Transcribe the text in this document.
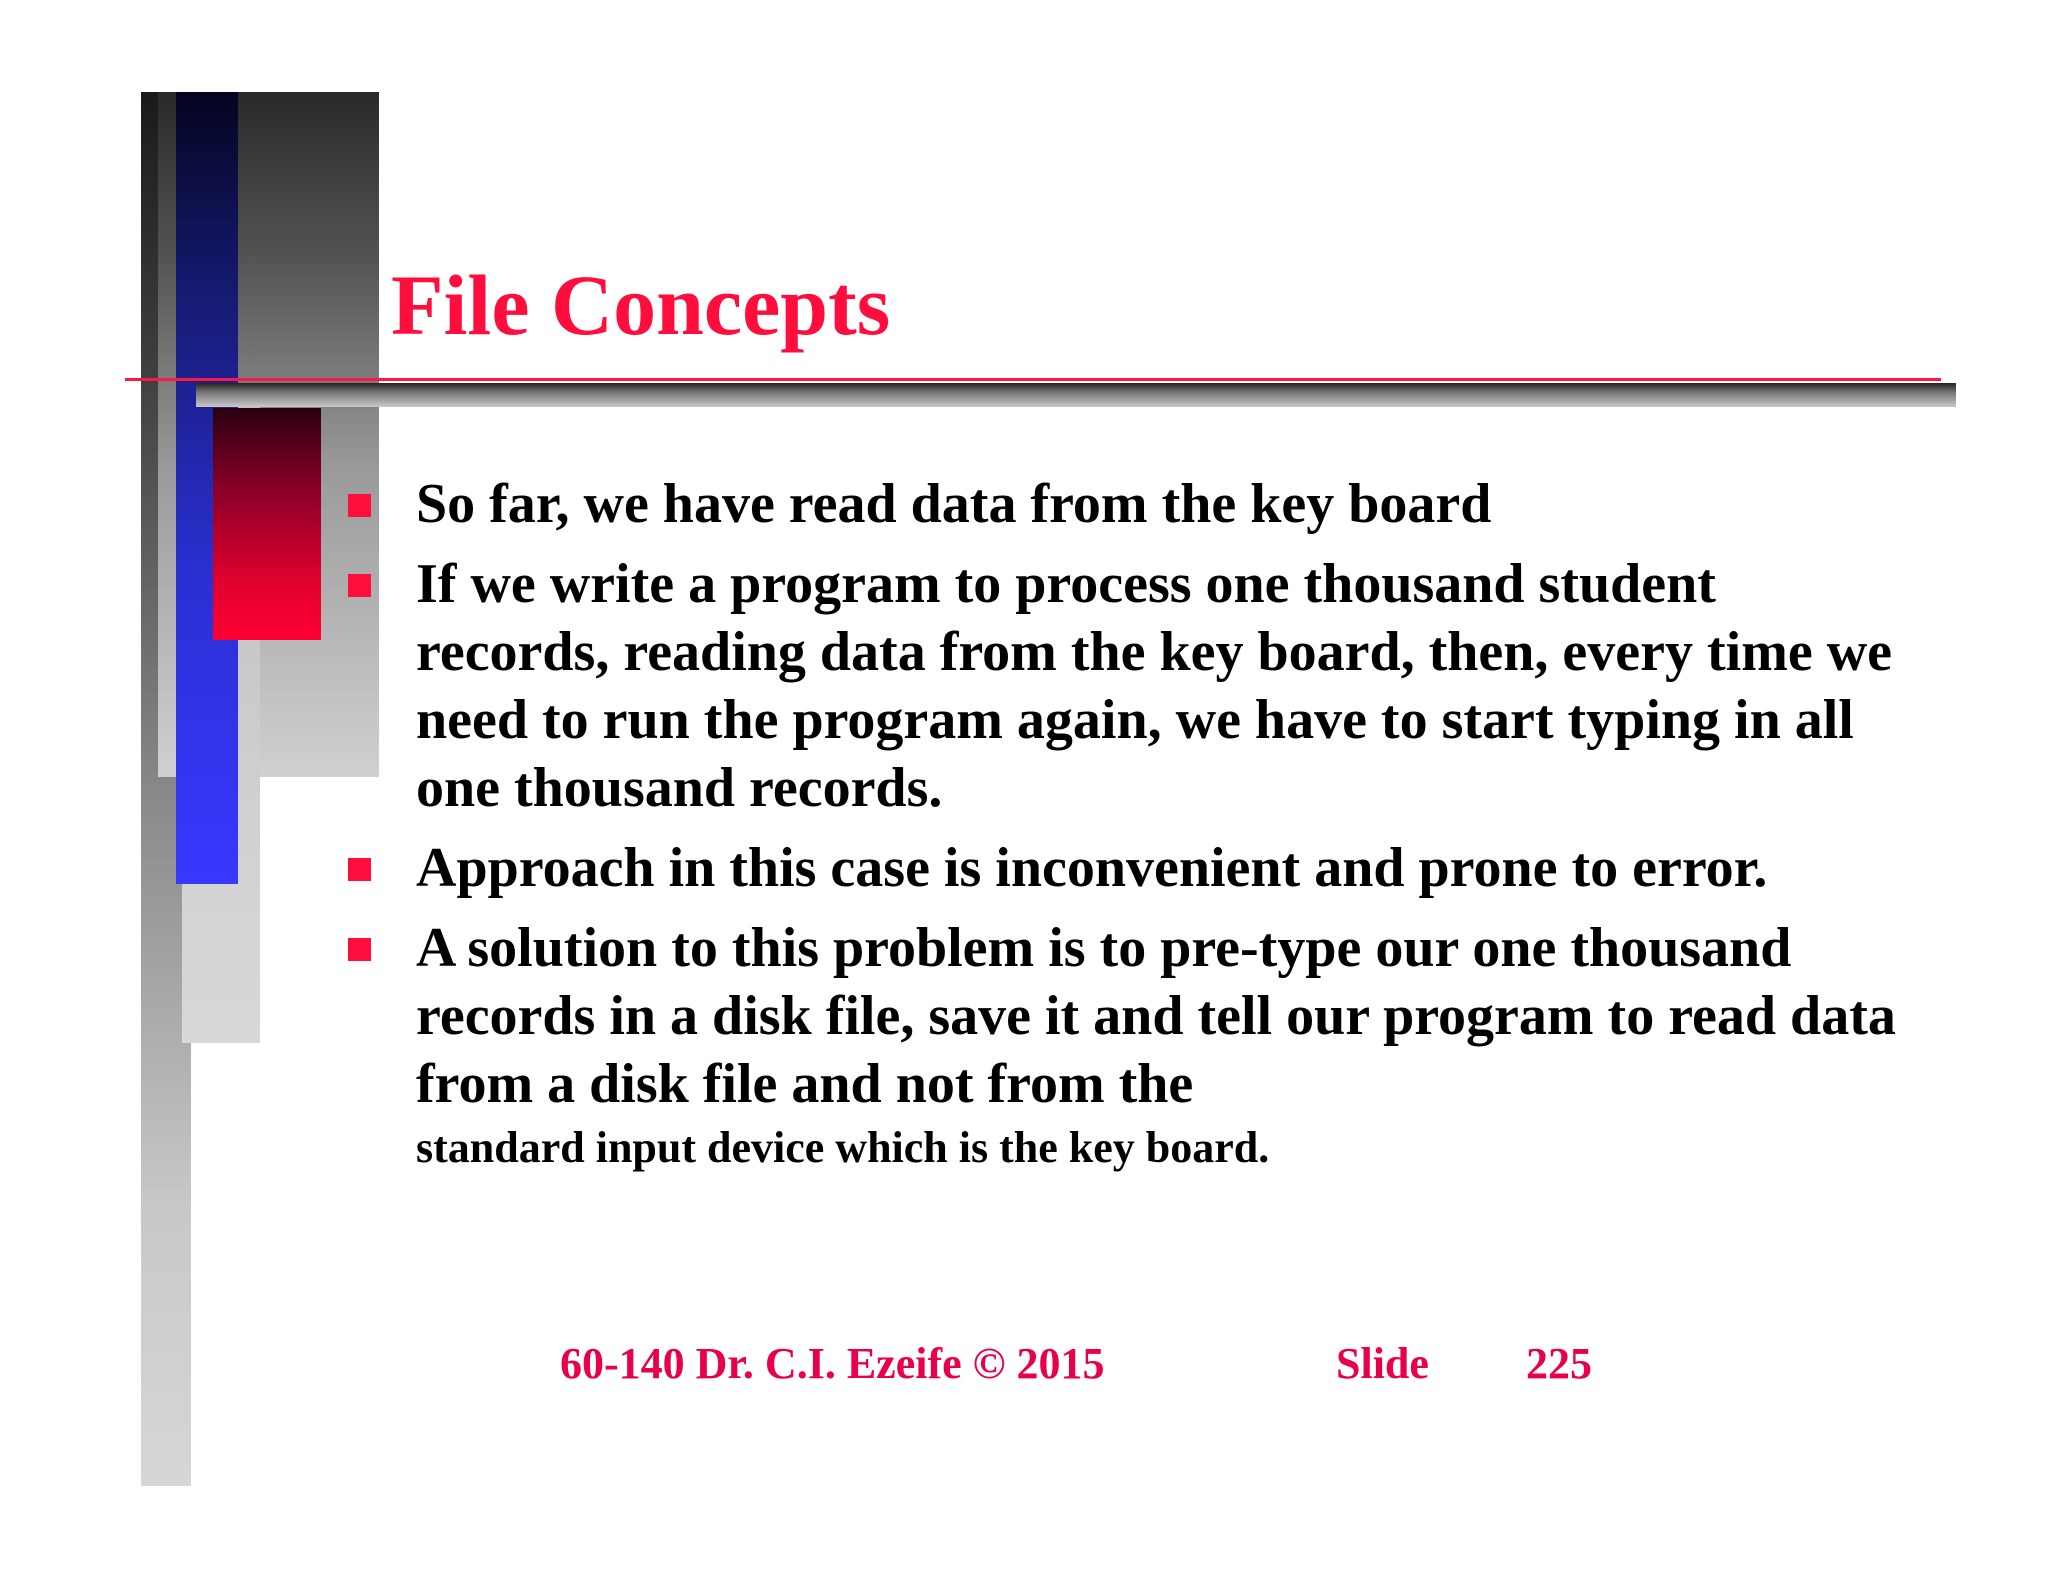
File Concepts
So far, we have read data from the key board
If we write a program to process one thousand student records, reading data from the key board, then, every time we need to run the program again, we have to start typing in all one thousand records.
Approach in this case is inconvenient and prone to error.
A solution to this problem is to pre-type our one thousand records in a disk file, save it and tell our program to read data from a disk file and not from the
standard input device which is the key board.
60-140 Dr. C.I. Ezeife © 2015	Slide 225
